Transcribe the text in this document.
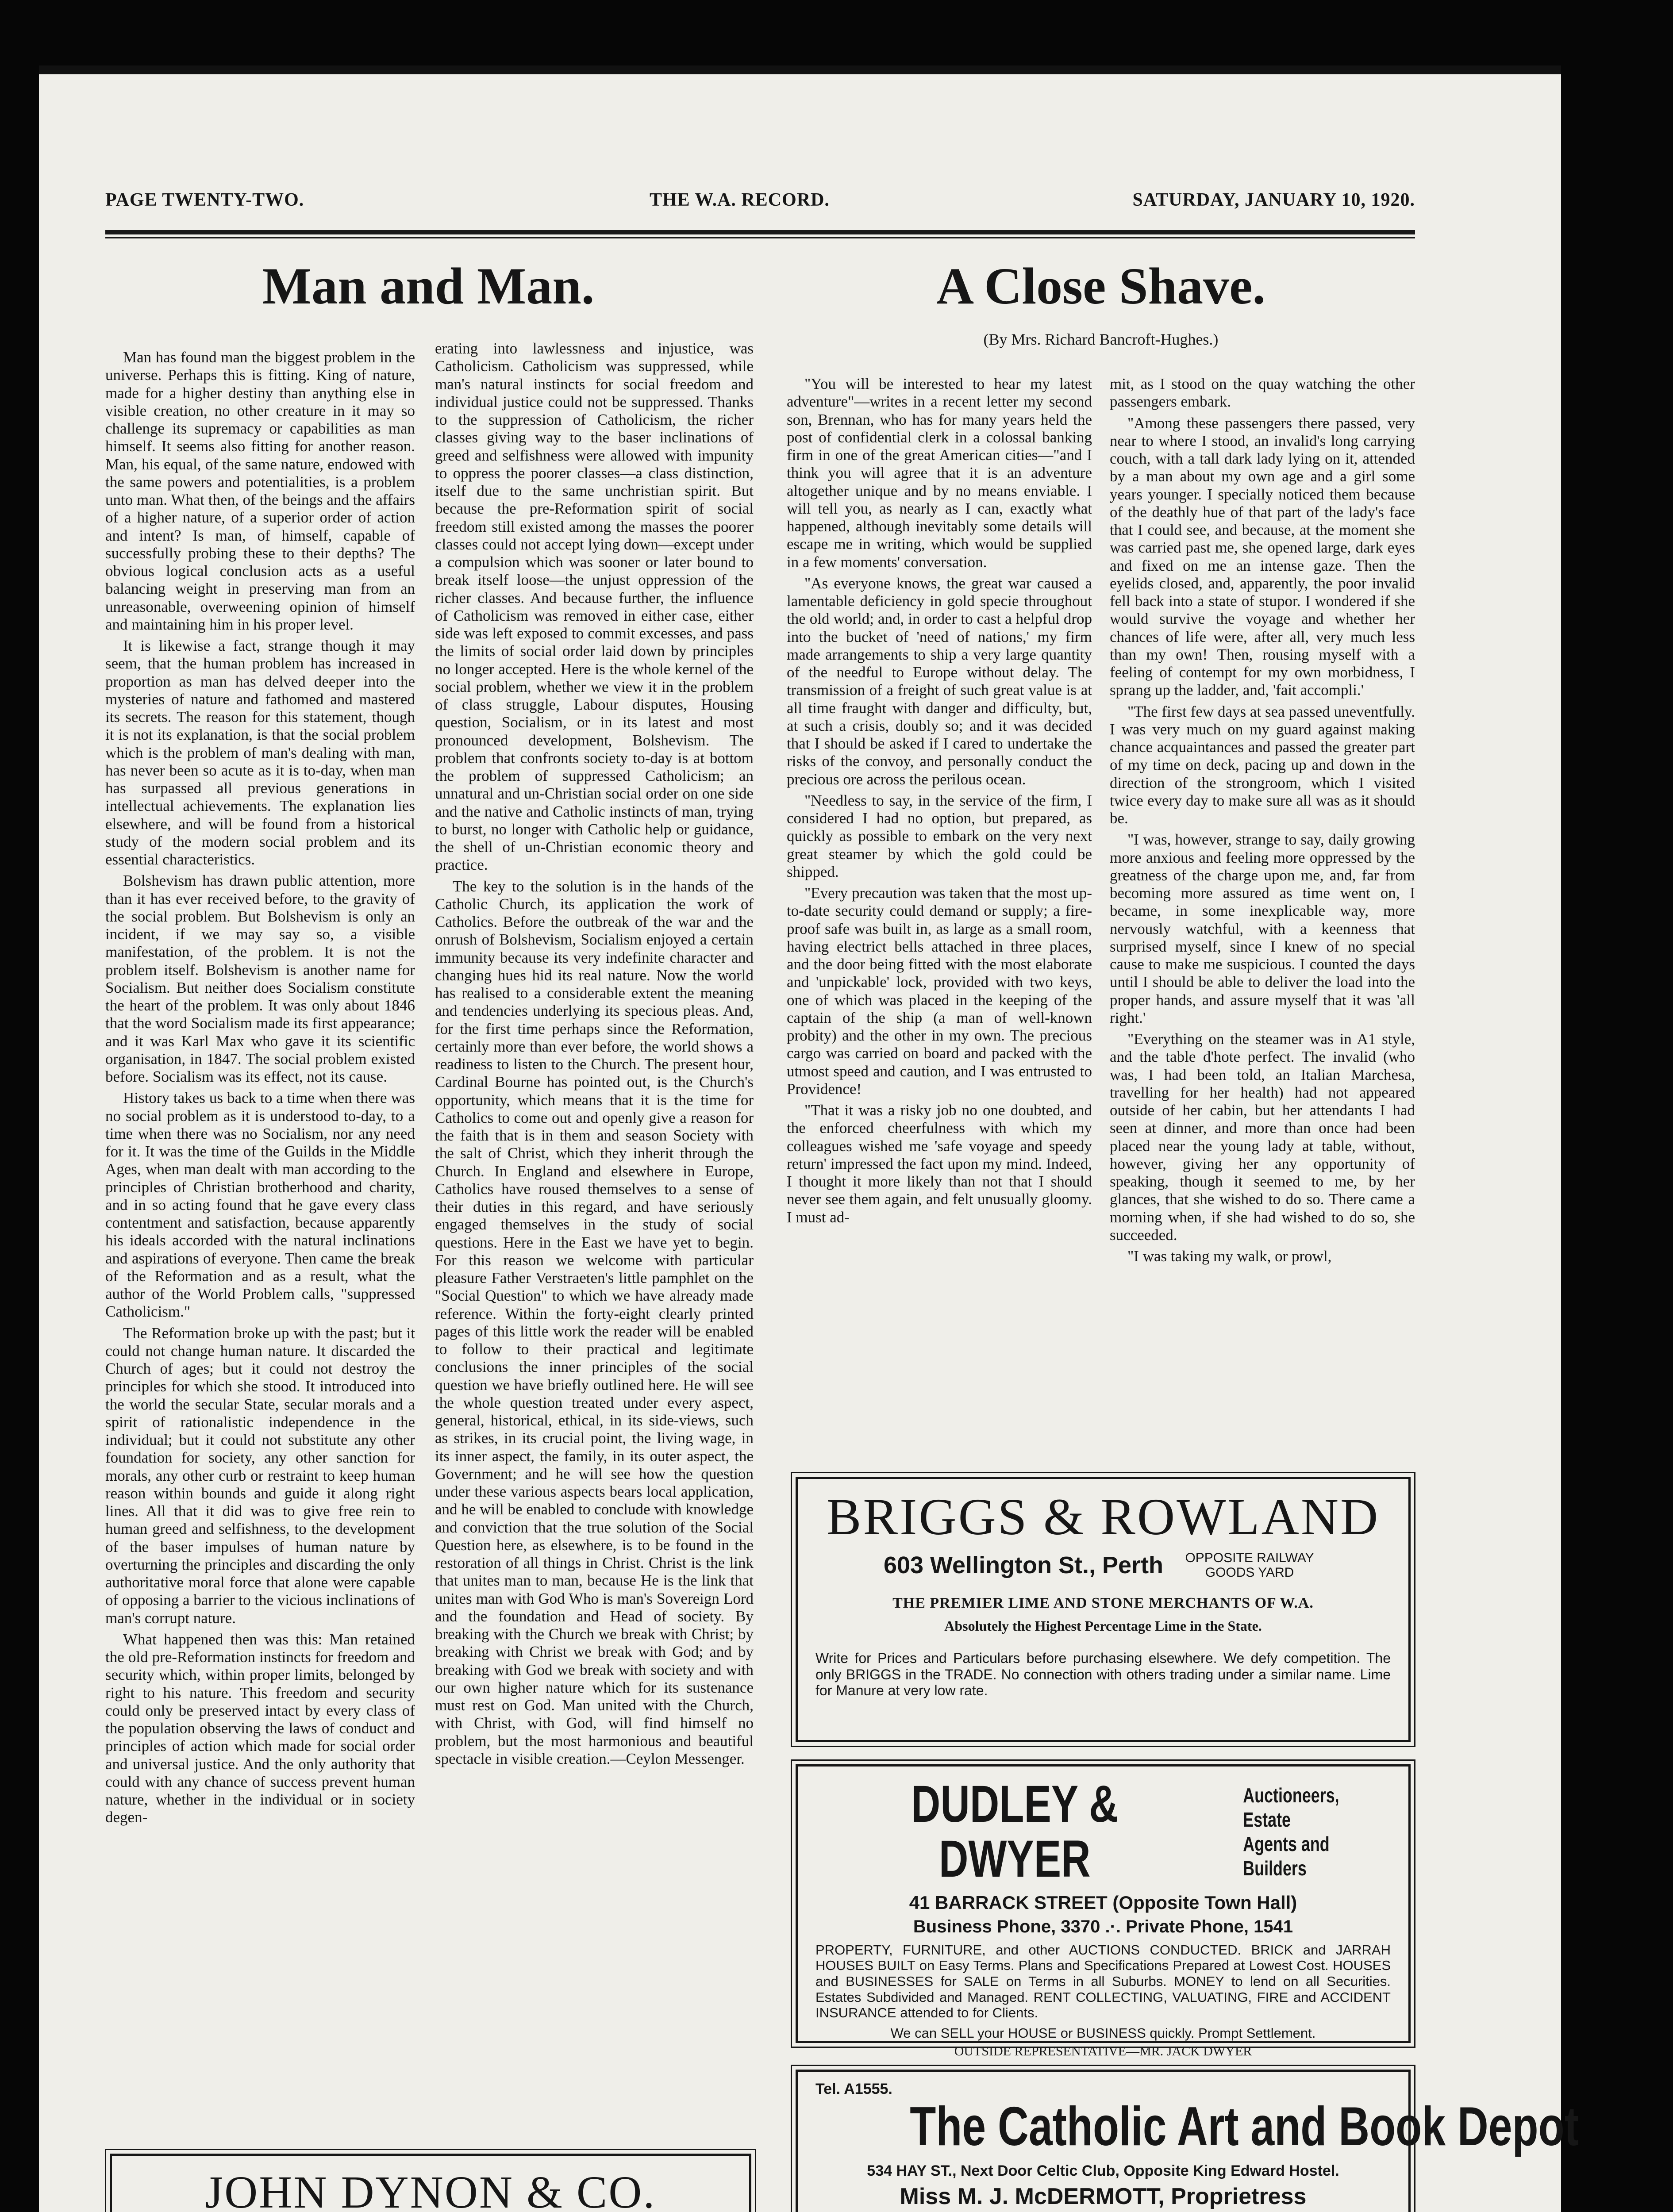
PAGE TWENTY-TWO.	THE W.A. RECORD.	SATURDAY, JANUARY 10, 1920.
Man and Man.

Man has found man the biggest problem in the universe. Perhaps this is fitting. King of nature, made for a higher destiny than anything else in visible creation, no other creature in it may so challenge its supremacy or capabilities as man himself. It seems also fitting for another reason. Man, his equal, of the same nature, endowed with the same powers and potentialities, is a problem unto man. What then, of the beings and the affairs of a higher nature, of a superior order of action and intent? Is man, of himself, capable of successfully probing these to their depths? The obvious logical conclusion acts as a useful balancing weight in preserving man from an unreasonable, overweening opinion of himself and maintaining him in his proper level.

It is likewise a fact, strange though it may seem, that the human problem has increased in proportion as man has delved deeper into the mysteries of nature and fathomed and mastered its secrets. The reason for this statement, though it is not its explanation, is that the social problem which is the problem of man's dealing with man, has never been so acute as it is to-day, when man has surpassed all previous generations in intellectual achievements. The explanation lies elsewhere, and will be found from a historical study of the modern social problem and its essential characteristics.

Bolshevism has drawn public attention, more than it has ever received before, to the gravity of the social problem. But Bolshevism is only an incident, if we may say so, a visible manifestation, of the problem. It is not the problem itself. Bolshevism is another name for Socialism. But neither does Socialism constitute the heart of the problem. It was only about 1846 that the word Socialism made its first appearance; and it was Karl Max who gave it its scientific organisation, in 1847. The social problem existed before. Socialism was its effect, not its cause.

History takes us back to a time when there was no social problem as it is understood to-day, to a time when there was no Socialism, nor any need for it. It was the time of the Guilds in the Middle Ages, when man dealt with man according to the principles of Christian brotherhood and charity, and in so acting found that he gave every class contentment and satisfaction, because apparently his ideals accorded with the natural inclinations and aspirations of everyone. Then came the break of the Reformation and as a result, what the author of the World Problem calls, "suppressed Catholicism."

The Reformation broke up with the past; but it could not change human nature. It discarded the Church of ages; but it could not destroy the principles for which she stood. It introduced into the world the secular State, secular morals and a spirit of rationalistic independence in the individual; but it could not substitute any other foundation for society, any other sanction for morals, any other curb or restraint to keep human reason within bounds and guide it along right lines. All that it did was to give free rein to human greed and selfishness, to the development of the baser impulses of human nature by overturning the principles and discarding the only authoritative moral force that alone were capable of opposing a barrier to the vicious inclinations of man's corrupt nature.

What happened then was this: Man retained the old pre-Reformation instincts for freedom and security which, within proper limits, belonged by right to his nature. This freedom and security could only be preserved intact by every class of the population observing the laws of conduct and principles of action which made for social order and universal justice. And the only authority that could with any chance of success prevent human nature, whether in the individual or in society degen-

erating into lawlessness and injustice, was Catholicism. Catholicism was suppressed, while man's natural instincts for social freedom and individual justice could not be suppressed. Thanks to the suppression of Catholicism, the richer classes giving way to the baser inclinations of greed and selfishness were allowed with impunity to oppress the poorer classes—a class distinction, itself due to the same unchristian spirit. But because the pre-Reformation spirit of social freedom still existed among the masses the poorer classes could not accept lying down—except under a compulsion which was sooner or later bound to break itself loose—the unjust oppression of the richer classes. And because further, the influence of Catholicism was removed in either case, either side was left exposed to commit excesses, and pass the limits of social order laid down by principles no longer accepted. Here is the whole kernel of the social problem, whether we view it in the problem of class struggle, Labour disputes, Housing question, Socialism, or in its latest and most pronounced development, Bolshevism. The problem that confronts society to-day is at bottom the problem of suppressed Catholicism; an unnatural and un-Christian social order on one side and the native and Catholic instincts of man, trying to burst, no longer with Catholic help or guidance, the shell of un-Christian economic theory and practice.

The key to the solution is in the hands of the Catholic Church, its application the work of Catholics. Before the outbreak of the war and the onrush of Bolshevism, Socialism enjoyed a certain immunity because its very indefinite character and changing hues hid its real nature. Now the world has realised to a considerable extent the meaning and tendencies underlying its specious pleas. And, for the first time perhaps since the Reformation, certainly more than ever before, the world shows a readiness to listen to the Church. The present hour, Cardinal Bourne has pointed out, is the Church's opportunity, which means that it is the time for Catholics to come out and openly give a reason for the faith that is in them and season Society with the salt of Christ, which they inherit through the Church. In England and elsewhere in Europe, Catholics have roused themselves to a sense of their duties in this regard, and have seriously engaged themselves in the study of social questions. Here in the East we have yet to begin. For this reason we welcome with particular pleasure Father Verstraeten's little pamphlet on the "Social Question" to which we have already made reference. Within the forty-eight clearly printed pages of this little work the reader will be enabled to follow to their practical and legitimate conclusions the inner principles of the social question we have briefly outlined here. He will see the whole question treated under every aspect, general, historical, ethical, in its side-views, such as strikes, in its crucial point, the living wage, in its inner aspect, the family, in its outer aspect, the Government; and he will see how the question under these various aspects bears local application, and he will be enabled to conclude with knowledge and conviction that the true solution of the Social Question here, as elsewhere, is to be found in the restoration of all things in Christ. Christ is the link that unites man to man, because He is the link that unites man with God Who is man's Sovereign Lord and the foundation and Head of society. By breaking with the Church we break with Christ; by breaking with Christ we break with God; and by breaking with God we break with society and with our own higher nature which for its sustenance must rest on God. Man united with the Church, with Christ, with God, will find himself no problem, but the most harmonious and beautiful spectacle in visible creation.—Ceylon Messenger.

A Close Shave.
(By Mrs. Richard Bancroft-Hughes.)

"You will be interested to hear my latest adventure"—writes in a recent letter my second son, Brennan, who has for many years held the post of confidential clerk in a colossal banking firm in one of the great American cities—"and I think you will agree that it is an adventure altogether unique and by no means enviable. I will tell you, as nearly as I can, exactly what happened, although inevitably some details will escape me in writing, which would be supplied in a few moments' conversation.

"As everyone knows, the great war caused a lamentable deficiency in gold specie throughout the old world; and, in order to cast a helpful drop into the bucket of 'need of nations,' my firm made arrangements to ship a very large quantity of the needful to Europe without delay. The transmission of a freight of such great value is at all time fraught with danger and difficulty, but, at such a crisis, doubly so; and it was decided that I should be asked if I cared to undertake the risks of the convoy, and personally conduct the precious ore across the perilous ocean.

"Needless to say, in the service of the firm, I considered I had no option, but prepared, as quickly as possible to embark on the very next great steamer by which the gold could be shipped.

"Every precaution was taken that the most up-to-date security could demand or supply; a fire-proof safe was built in, as large as a small room, having electrict bells attached in three places, and the door being fitted with the most elaborate and 'unpickable' lock, provided with two keys, one of which was placed in the keeping of the captain of the ship (a man of well-known probity) and the other in my own. The precious cargo was carried on board and packed with the utmost speed and caution, and I was entrusted to Providence!

"That it was a risky job no one doubted, and the enforced cheerfulness with which my colleagues wished me 'safe voyage and speedy return' impressed the fact upon my mind. Indeed, I thought it more likely than not that I should never see them again, and felt unusually gloomy. I must ad-

mit, as I stood on the quay watching the other passengers embark.

"Among these passengers there passed, very near to where I stood, an invalid's long carrying couch, with a tall dark lady lying on it, attended by a man about my own age and a girl some years younger. I specially noticed them because of the deathly hue of that part of the lady's face that I could see, and because, at the moment she was carried past me, she opened large, dark eyes and fixed on me an intense gaze. Then the eyelids closed, and, apparently, the poor invalid fell back into a state of stupor. I wondered if she would survive the voyage and whether her chances of life were, after all, very much less than my own! Then, rousing myself with a feeling of contempt for my own morbidness, I sprang up the ladder, and, 'fait accompli.'

"The first few days at sea passed uneventfully. I was very much on my guard against making chance acquaintances and passed the greater part of my time on deck, pacing up and down in the direction of the strongroom, which I visited twice every day to make sure all was as it should be.

"I was, however, strange to say, daily growing more anxious and feeling more oppressed by the greatness of the charge upon me, and, far from becoming more assured as time went on, I became, in some inexplicable way, more nervously watchful, with a keenness that surprised myself, since I knew of no special cause to make me suspicious. I counted the days until I should be able to deliver the load into the proper hands, and assure myself that it was 'all right.'

"Everything on the steamer was in A1 style, and the table d'hote perfect. The invalid (who was, I had been told, an Italian Marchesa, travelling for her health) had not appeared outside of her cabin, but her attendants I had seen at dinner, and more than once had been placed near the young lady at table, without, however, giving her any opportunity of speaking, though it seemed to me, by her glances, that she wished to do so. There came a morning when, if she had wished to do so, she succeeded.

"I was taking my walk, or prowl,

BRIGGS & ROWLAND
603 Wellington St., Perth	OPPOSITE RAILWAY GOODS YARD
THE PREMIER LIME AND STONE MERCHANTS OF W.A.
Absolutely the Highest Percentage Lime in the State.
Write for Prices and Particulars before purchasing elsewhere. We defy competition. The only BRIGGS in the TRADE. No connection with others trading under a similar name. Lime for Manure at very low rate.
DUDLEY & DWYER
Auctioneers, Estate
Agents and Builders
41 BARRACK STREET (Opposite Town Hall)
Business Phone, 3370 .·. Private Phone, 1541
PROPERTY, FURNITURE, and other AUCTIONS CONDUCTED. BRICK and JARRAH HOUSES BUILT on Easy Terms. Plans and Specifications Prepared at Lowest Cost. HOUSES and BUSINESSES for SALE on Terms in all Suburbs. MONEY to lend on all Securities. Estates Subdivided and Managed. RENT COLLECTING, VALUATING, FIRE and ACCIDENT INSURANCE attended to for Clients.
We can SELL your HOUSE or BUSINESS quickly. Prompt Settlement.
OUTSIDE REPRESENTATIVE—MR. JACK DWYER
Tel. A1555.
The Catholic Art and Book Depot
534 HAY ST., Next Door Celtic Club, Opposite King Edward Hostel.
Miss M. J. McDERMOTT, Proprietress
JOHN DYNON & CO.
